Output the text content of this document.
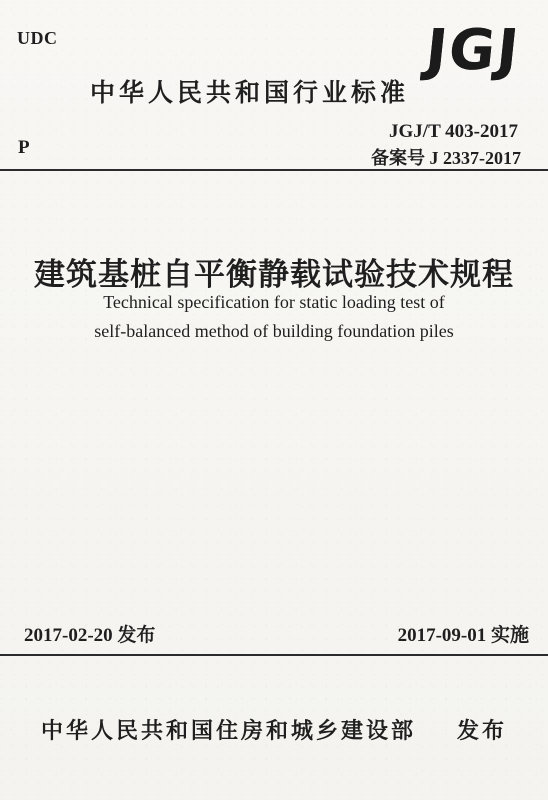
UDC
中华人民共和国行业标准
JGJ
JGJ/T 403-2017
P	备案号 J 2337-2017
建筑基桩自平衡静载试验技术规程
Technical specification for static loading test of
self-balanced method of building foundation piles
2017-02-20 发布	2017-09-01 实施
中华人民共和国住房和城乡建设部 发布
